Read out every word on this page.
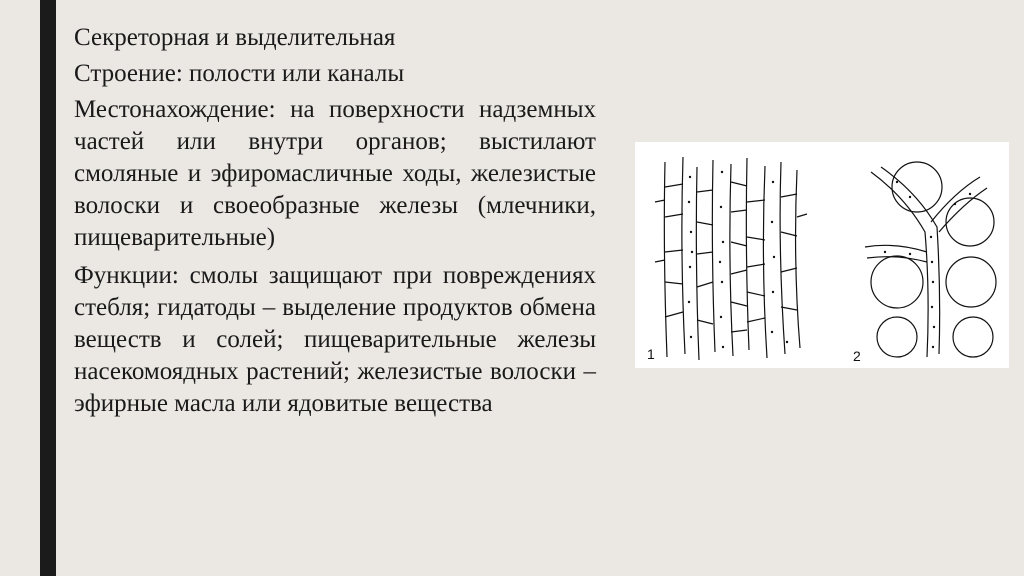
Секреторная и выделительная

Строение: полости или каналы

Местонахождение: на поверхности надземных частей или внутри органов; выстилают смоляные и эфиромасличные ходы, железистые волоски и своеобразные железы (млечники, пищеварительные)

Функции: смолы защищают при повреждениях стебля; гидатоды – выделение продуктов обмена веществ и солей; пищеварительные железы насекомоядных растений; железистые волоски – эфирные масла или ядовитые вещества

1	2
